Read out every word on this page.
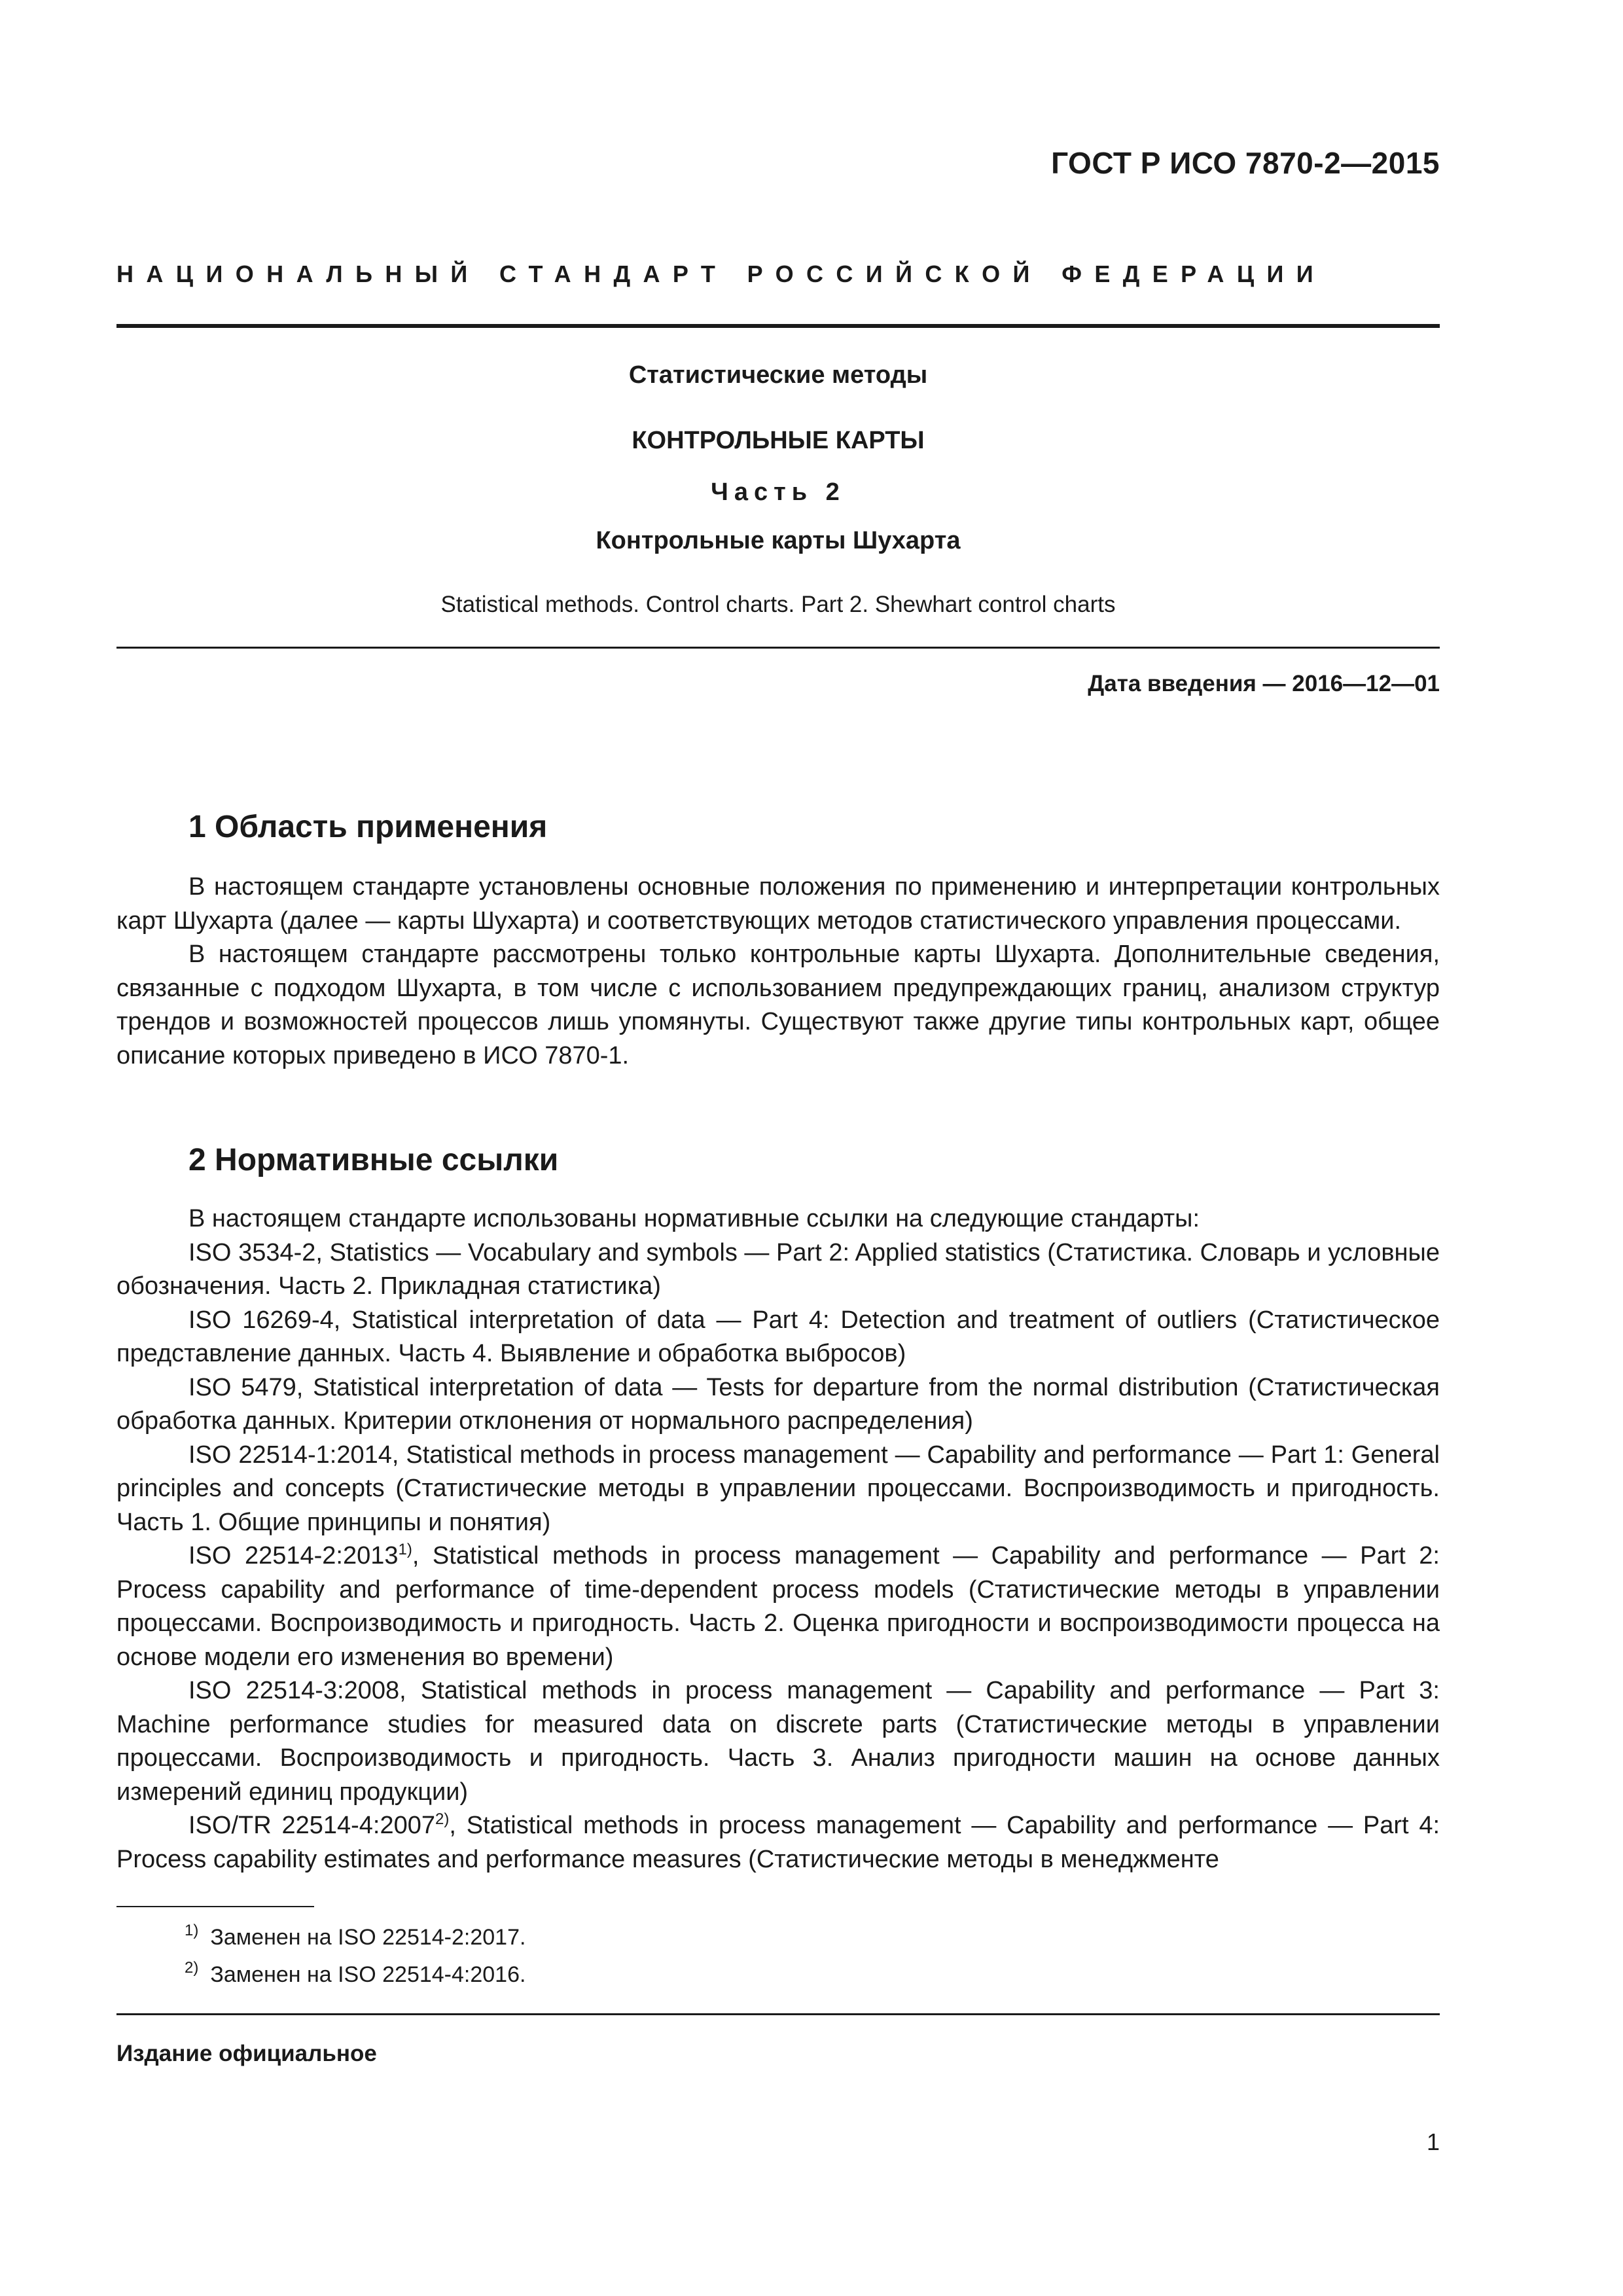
ГОСТ Р ИСО 7870-2—2015
НАЦИОНАЛЬНЫЙ СТАНДАРТ РОССИЙСКОЙ ФЕДЕРАЦИИ
Статистические методы
КОНТРОЛЬНЫЕ КАРТЫ
Часть 2
Контрольные карты Шухарта
Statistical methods. Control charts. Part 2. Shewhart control charts
Дата введения — 2016—12—01
1 Область применения

В настоящем стандарте установлены основные положения по применению и интерпретации контрольных карт Шухарта (далее — карты Шухарта) и соответствующих методов статистического управления процессами.

В настоящем стандарте рассмотрены только контрольные карты Шухарта. Дополнительные сведения, связанные с подходом Шухарта, в том числе с использованием предупреждающих границ, анализом структур трендов и возможностей процессов лишь упомянуты. Существуют также другие типы контрольных карт, общее описание которых приведено в ИСО 7870-1.

2 Нормативные ссылки

В настоящем стандарте использованы нормативные ссылки на следующие стандарты:

ISO 3534-2, Statistics — Vocabulary and symbols — Part 2: Applied statistics (Статистика. Словарь и условные обозначения. Часть 2. Прикладная статистика)

ISO 16269-4, Statistical interpretation of data — Part 4: Detection and treatment of outliers (Статистическое представление данных. Часть 4. Выявление и обработка выбросов)

ISO 5479, Statistical interpretation of data — Tests for departure from the normal distribution (Статистическая обработка данных. Критерии отклонения от нормального распределения)

ISO 22514-1:2014, Statistical methods in process management — Capability and performance — Part 1: General principles and concepts (Статистические методы в управлении процессами. Воспроизводимость и пригодность. Часть 1. Общие принципы и понятия)

ISO 22514-2:2013$^{1)}$, Statistical methods in process management — Capability and performance — Part 2: Process capability and performance of time-dependent process models (Статистические методы в управлении процессами. Воспроизводимость и пригодность. Часть 2. Оценка пригодности и воспроизводимости процесса на основе модели его изменения во времени)

ISO 22514-3:2008, Statistical methods in process management — Capability and performance — Part 3: Machine performance studies for measured data on discrete parts (Статистические методы в управлении процессами. Воспроизводимость и пригодность. Часть 3. Анализ пригодности машин на основе данных измерений единиц продукции)

ISO/TR 22514-4:2007$^{2)}$, Statistical methods in process management — Capability and performance — Part 4: Process capability estimates and performance measures (Статистические методы в менеджменте

$^{1)}$ Заменен на ISO 22514-2:2017.

$^{2)}$ Заменен на ISO 22514-4:2016.

Издание официальное
1
